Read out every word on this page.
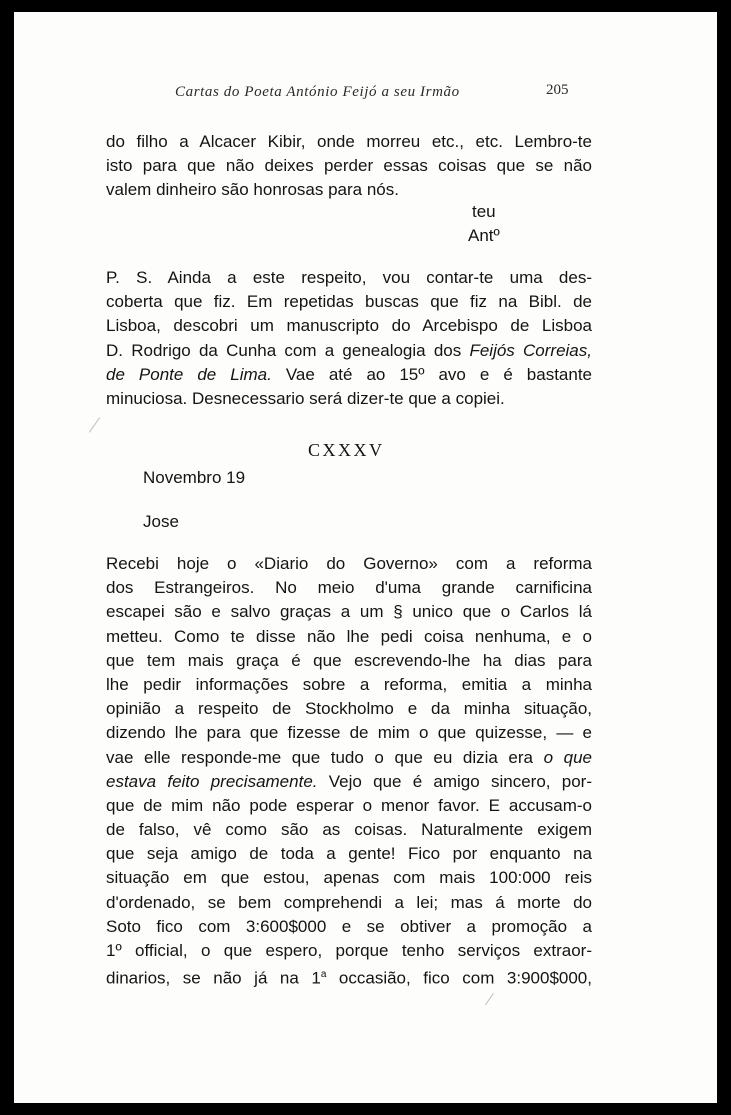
Cartas do Poeta António Feijó a seu Irmão	205
do filho a Alcacer Kibir, onde morreu etc., etc. Lembro-te
isto para que não deixes perder essas coisas que se não
valem dinheiro são honrosas para nós.
teu
Antº
P. S. Ainda a este respeito, vou contar-te uma des-
coberta que fiz. Em repetidas buscas que fiz na Bibl. de
Lisboa, descobri um manuscripto do Arcebispo de Lisboa
D. Rodrigo da Cunha com a genealogia dos Feijós Correias,
de Ponte de Lima. Vae até ao 15º avo e é bastante
minuciosa. Desnecessario será dizer-te que a copiei.
CXXXV
Novembro 19
Jose
Recebi hoje o «Diario do Governo» com a reforma
dos Estrangeiros. No meio d'uma grande carnificina
escapei são e salvo graças a um § unico que o Carlos lá
metteu. Como te disse não lhe pedi coisa nenhuma, e o
que tem mais graça é que escrevendo-lhe ha dias para
lhe pedir informações sobre a reforma, emitia a minha
opinião a respeito de Stockholmo e da minha situação,
dizendo lhe para que fizesse de mim o que quizesse, — e
vae elle responde-me que tudo o que eu dizia era o que
estava feito precisamente. Vejo que é amigo sincero, por-
que de mim não pode esperar o menor favor. E accusam-o
de falso, vê como são as coisas. Naturalmente exigem
que seja amigo de toda a gente! Fico por enquanto na
situação em que estou, apenas com mais 100:000 reis
d'ordenado, se bem comprehendi a lei; mas á morte do
Soto fico com 3:600$000 e se obtiver a promoção a
1º official, o que espero, porque tenho serviços extraor-
dinarios, se não já na 1$^a$ occasião, fico com 3:900$000,
